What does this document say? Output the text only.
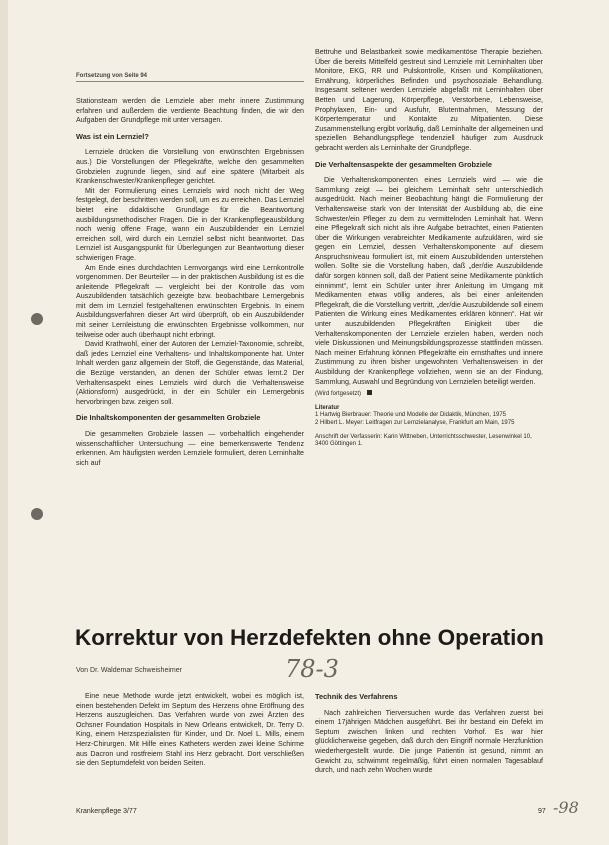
Fortsetzung von Seite 94

Stationsteam werden die Lernziele aber mehr innere Zustimmung erfahren und außerdem die verdiente Beachtung finden, die wir den Aufgaben der Grundpflege mit unter versagen.

Was ist ein Lernziel?

Lernziele drücken die Vorstellung von erwünschten Ergebnissen aus.) Die Vorstellungen der Pflegekräfte, welche den gesammelten Grobzielen zugrunde liegen, sind auf eine spätere (Mitarbeit als Krankenschwester/Krankenpfleger gerichtet.

Mit der Formulierung eines Lernziels wird noch nicht der Weg festgelegt, der beschritten werden soll, um es zu erreichen. Das Lernziel bietet eine didaktische Grundlage für die Beantwortung ausbildungsmethodischer Fragen. Die in der Krankenpflegeausbildung noch wenig offene Frage, wann ein Auszubildender ein Lernziel erreichen soll, wird durch ein Lernziel selbst nicht beantwortet. Das Lernziel ist Ausgangspunkt für Überlegungen zur Beantwortung dieser schwierigen Frage.

Am Ende eines durchdachten Lernvorgangs wird eine Lernkontrolle vorgenommen. Der Beurteiler — in der praktischen Ausbildung ist es die anleitende Pflegekraft — vergleicht bei der Kontrolle das vom Auszubildenden tatsächlich gezeigte bzw. beobachtbare Lernergebnis mit dem im Lernziel festgehaltenen erwünschten Ergebnis. In einem Ausbildungsverfahren dieser Art wird überprüft, ob ein Auszubildender mit seiner Lernleistung die erwünschten Ergebnisse vollkommen, nur teilweise oder auch überhaupt nicht erbringt.

David Krathwohl, einer der Autoren der Lernziel-Taxonomie, schreibt, daß jedes Lernziel eine Verhaltens- und Inhaltskomponente hat. Unter Inhalt werden ganz allgemein der Stoff, die Gegenstände, das Material, die Bezüge verstanden, an denen der Schüler etwas lernt.2 Der Verhaltensaspekt eines Lernziels wird durch die Verhaltensweise (Aktionsform) ausgedrückt, in der ein Schüler ein Lernergebnis hervorbringen bzw. zeigen soll.

Die Inhaltskomponenten der gesammelten Grobziele

Die gesammelten Grobziele lassen — vorbehaltlich eingehender wissenschaftlicher Untersuchung — eine bemerkenswerte Tendenz erkennen. Am häufigsten werden Lernziele formuliert, deren Lerninhalte sich auf

Bettruhe und Belastbarkeit sowie medikamentöse Therapie beziehen. Über die bereits Mittelfeld gestreut sind Lernziele mit Lerninhalten über Monitore, EKG, RR und Pulskontrolle, Krisen und Komplikationen, Ernährung, körperliches Befinden und psychosoziale Behandlung. Insgesamt seltener werden Lernziele abgefaßt mit Lerninhalten über Betten und Lagerung, Körperpflege, Verstorbene, Lebensweise, Prophylaxen, Ein- und Ausfuhr, Blutentnahmen, Messung der Körpertemperatur und Kontakte zu Mitpatienten. Diese Zusammenstellung ergibt vorläufig, daß Lerninhalte der allgemeinen und speziellen Behandlungspflege tendenziell häufiger zum Ausdruck gebracht werden als Lerninhalte der Grundpflege.

Die Verhaltensaspekte der gesammelten Grobziele

Die Verhaltenskomponenten eines Lernziels wird — wie die Sammlung zeigt — bei gleichem Lerninhalt sehr unterschiedlich ausgedrückt. Nach meiner Beobachtung hängt die Formulierung der Verhaltensweise stark von der Intensität der Ausbildung ab, die eine Schwester/ein Pfleger zu dem zu vermittelnden Lerninhalt hat. Wenn eine Pflegekraft sich nicht als ihre Aufgabe betrachtet, einen Patienten über die Wirkungen verabreichter Medikamente aufzuklären, wird sie gegen ein Lernziel, dessen Verhaltenskomponente auf diesem Anspruchsniveau formuliert ist, mit einem Auszubildenden unterstehen wollen. Sollte sie die Vorstellung haben, daß „der/die Auszubildende dafür sorgen können soll, daß der Patient seine Medikamente pünktlich einnimmt“, lernt ein Schüler unter ihrer Anleitung im Umgang mit Medikamenten etwas völlig anderes, als bei einer anleitenden Pflegekraft, die die Vorstellung vertritt, „der/die Auszubildende soll einem Patienten die Wirkung eines Medikamentes erklären können“. Hat wir unter auszubildenden Pflegekräften Einigkeit über die Verhaltenskomponenten der Lernziele erzielen haben, werden noch viele Diskussionen und Meinungsbildungsprozesse stattfinden müssen. Nach meiner Erfahrung können Pflegekräfte ein ernsthaftes und innere Zustimmung zu ihren bisher ungewohnten Verhaltensweisen in der Ausbildung der Krankenpflege vollziehen, wenn sie an der Findung, Sammlung, Auswahl und Begründung von Lernzielen beteiligt werden.

(Wird fortgesetzt)

Literatur

1 Hartwig Bierbrauer: Theorie und Modelle der Didaktik, München, 1975

2 Hilbert L. Meyer: Leitfragen zur Lernzielanalyse, Frankfurt am Main, 1975

Anschrift der Verfasserin: Karin Wittneben, Unterrichtsschwester, Lesenwinkel 10, 3400 Göttingen 1.

Korrektur von Herzdefekten ohne Operation
Von Dr. Waldemar Schweisheimer	78-3

Eine neue Methode wurde jetzt entwickelt, wobei es möglich ist, einen bestehenden Defekt im Septum des Herzens ohne Eröffnung des Herzens auszugleichen. Das Verfahren wurde von zwei Ärzten des Ochsner Foundation Hospitals in New Orleans entwickelt, Dr. Terry D. King, einem Herzspezialisten für Kinder, und Dr. Noel L. Mills, einem Herz-Chirurgen. Mit Hilfe eines Katheters werden zwei kleine Schirme aus Dacron und rostfreiem Stahl ins Herz gebracht. Dort verschließen sie den Septumdefekt von beiden Seiten.

Technik des Verfahrens

Nach zahlreichen Tierversuchen wurde das Verfahren zuerst bei einem 17jährigen Mädchen ausgeführt. Bei ihr bestand ein Defekt im Septum zwischen linken und rechten Vorhof. Es war hier glücklicherweise gegeben, daß durch den Eingriff normale Herzfunktion wiederhergestellt wurde. Die junge Patientin ist gesund, nimmt an Gewicht zu, schwimmt regelmäßig, führt einen normalen Tagesablauf durch, und nach zehn Wochen wurde

Krankenpflege 3/77	97 -98
